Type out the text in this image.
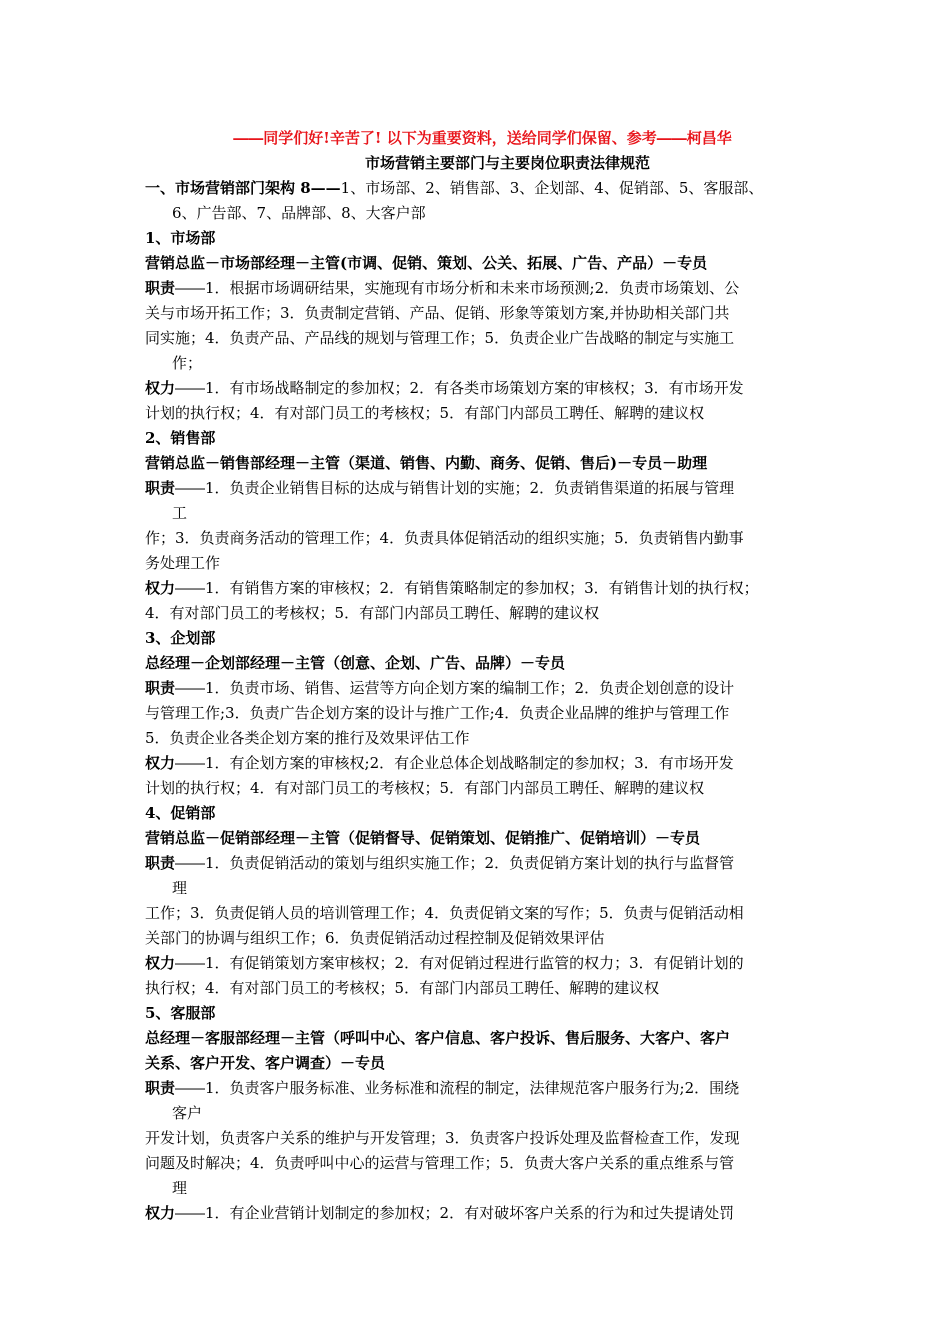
――同学们好!辛苦了! 以下为重要资料，送给同学们保留、参考――柯昌华
市场营销主要部门与主要岗位职责法律规范
一、市场营销部门架构 8——1、市场部、2、销售部、3、企划部、4、促销部、5、客服部、
6、广告部、7、品牌部、8、大客户部
1、市场部
营销总监－市场部经理－主管(市调、促销、策划、公关、拓展、广告、产品）－专员
职责――1．根据市场调研结果，实施现有市场分析和未来市场预测;2．负责市场策划、公
关与市场开拓工作；3．负责制定营销、产品、促销、形象等策划方案,并协助相关部门共
同实施；4．负责产品、产品线的规划与管理工作；5．负责企业广告战略的制定与实施工
作；
权力――1．有市场战略制定的参加权；2．有各类市场策划方案的审核权；3．有市场开发
计划的执行权；4．有对部门员工的考核权；5．有部门内部员工聘任、解聘的建议权
2、销售部
营销总监－销售部经理－主管（渠道、销售、内勤、商务、促销、售后)－专员－助理
职责――1．负责企业销售目标的达成与销售计划的实施；2．负责销售渠道的拓展与管理
工
作；3．负责商务活动的管理工作；4．负责具体促销活动的组织实施；5．负责销售内勤事
务处理工作
权力――1．有销售方案的审核权；2．有销售策略制定的参加权；3．有销售计划的执行权；
4．有对部门员工的考核权；5．有部门内部员工聘任、解聘的建议权
3、企划部
总经理－企划部经理－主管（创意、企划、广告、品牌）－专员
职责――1．负责市场、销售、运营等方向企划方案的编制工作；2．负责企划创意的设计
与管理工作;3．负责广告企划方案的设计与推广工作;4．负责企业品牌的维护与管理工作
5．负责企业各类企划方案的推行及效果评估工作
权力――1．有企划方案的审核权;2．有企业总体企划战略制定的参加权；3．有市场开发
计划的执行权；4．有对部门员工的考核权；5．有部门内部员工聘任、解聘的建议权
4、促销部
营销总监－促销部经理－主管（促销督导、促销策划、促销推广、促销培训）－专员
职责――1．负责促销活动的策划与组织实施工作；2．负责促销方案计划的执行与监督管
理
工作；3．负责促销人员的培训管理工作；4．负责促销文案的写作；5．负责与促销活动相
关部门的协调与组织工作；6．负责促销活动过程控制及促销效果评估
权力――1．有促销策划方案审核权；2．有对促销过程进行监管的权力；3．有促销计划的
执行权；4．有对部门员工的考核权；5．有部门内部员工聘任、解聘的建议权
5、客服部
总经理－客服部经理－主管（呼叫中心、客户信息、客户投诉、售后服务、大客户、客户
关系、客户开发、客户调查）－专员
职责――1．负责客户服务标准、业务标准和流程的制定，法律规范客户服务行为;2．围绕
客户
开发计划，负责客户关系的维护与开发管理；3．负责客户投诉处理及监督检查工作，发现
问题及时解决；4．负责呼叫中心的运营与管理工作；5．负责大客户关系的重点维系与管
理
权力――1．有企业营销计划制定的参加权；2．有对破坏客户关系的行为和过失提请处罚
